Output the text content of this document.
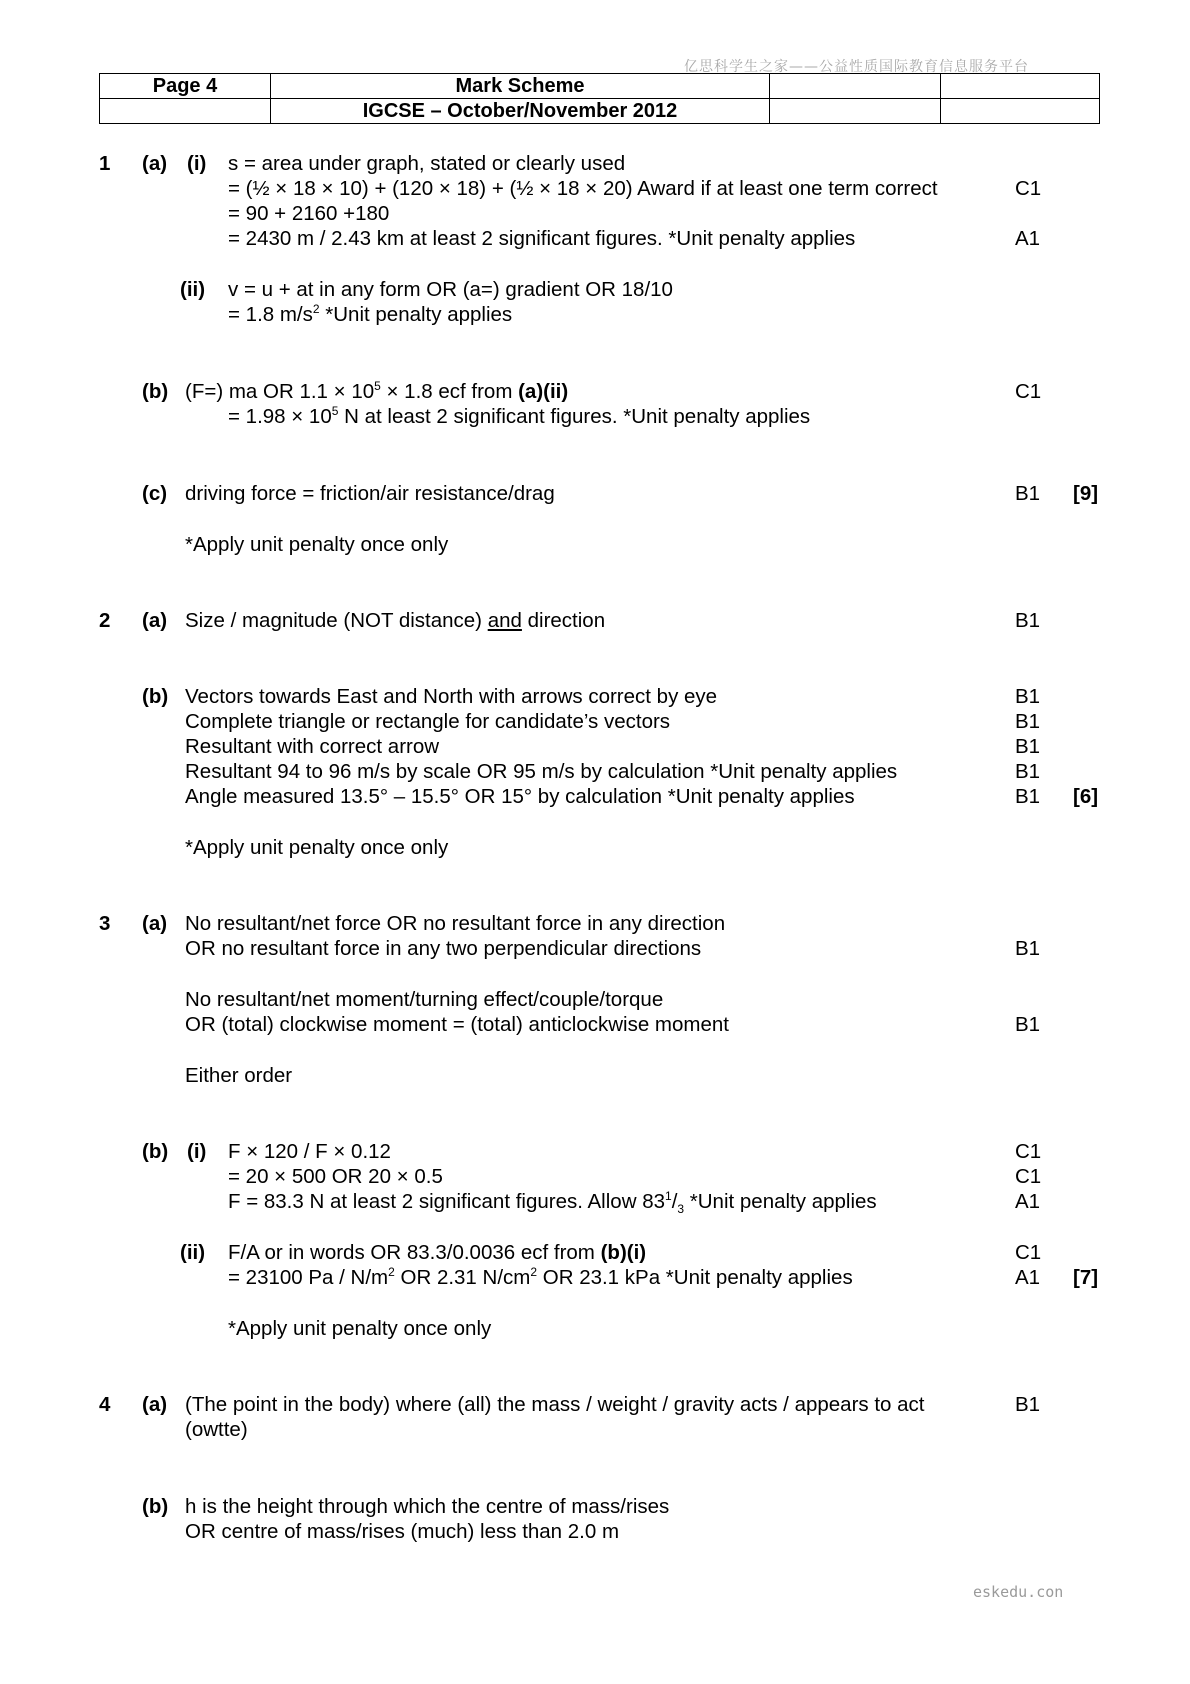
亿思科学生之家——公益性质国际教育信息服务平台
eskedu.con
Page 4	Mark Scheme		
	IGCSE – October/November 2012		
1 (a) (i) s = area under graph, stated or clearly used
= (½ × 18 × 10) + (120 × 18) + (½ × 18 × 20) Award if at least one term correct	C1
= 90 + 2160 +180
= 2430 m / 2.43 km at least 2 significant figures. *Unit penalty applies	A1
(ii) v = u + at in any form OR (a=) gradient OR 18/10
= 1.8 $m/s^2$ *Unit penalty applies
(b) (F=) ma OR $1.1 \times 10^5 \times 1.8$ ecf from (a)(ii)	C1
= $1.98 \times 10^5$ N at least 2 significant figures. *Unit penalty applies
(c) driving force = friction/air resistance/drag	B1 [9]
*Apply unit penalty once only
2 (a) Size / magnitude (NOT distance) and direction	B1
(b) Vectors towards East and North with arrows correct by eye	B1
Complete triangle or rectangle for candidate’s vectors	B1
Resultant with correct arrow	B1
Resultant 94 to 96 m/s by scale OR 95 m/s by calculation *Unit penalty applies	B1
Angle measured 13.5° – 15.5° OR 15° by calculation *Unit penalty applies	B1 [6]
*Apply unit penalty once only
3 (a) No resultant/net force OR no resultant force in any direction
OR no resultant force in any two perpendicular directions	B1
No resultant/net moment/turning effect/couple/torque
OR (total) clockwise moment = (total) anticlockwise moment	B1
Either order
(b) (i) F × 120 / F × 0.12	C1
= 20 × 500 OR 20 × 0.5	C1
F = 83.3 N at least 2 significant figures. Allow $83^1/_3$ *Unit penalty applies	A1
(ii) F/A or in words OR 83.3/0.0036 ecf from (b)(i)	C1
= 23100 Pa / $N/m^2$ OR 2.31 $N/cm^2$ OR 23.1 kPa *Unit penalty applies	A1 [7]
*Apply unit penalty once only
4 (a) (The point in the body) where (all) the mass / weight / gravity acts / appears to act	B1
(owtte)
(b) h is the height through which the centre of mass/rises
OR centre of mass/rises (much) less than 2.0 m
